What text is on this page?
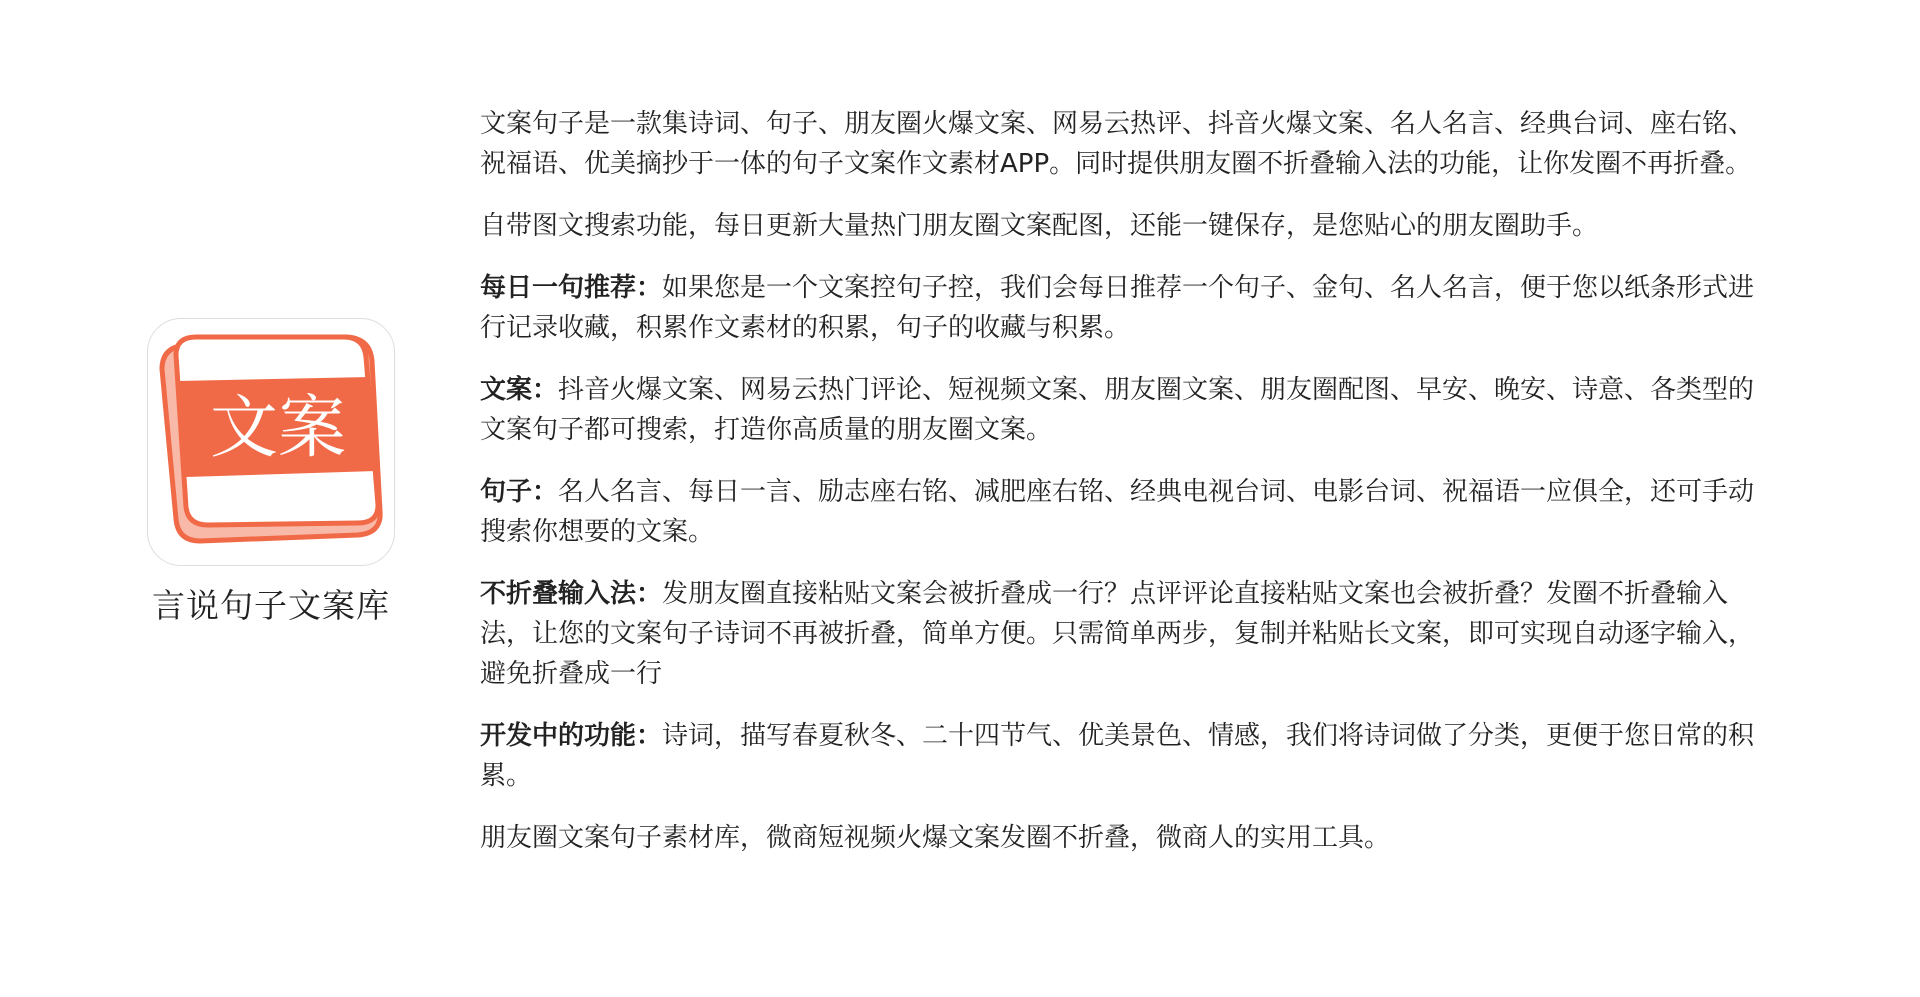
文案
言说句子文案库

文案句子是一款集诗词、句子、朋友圈火爆文案、网易云热评、抖音火爆文案、名人名言、经典台词、座右铭、祝福语、优美摘抄于一体的句子文案作文素材APP。同时提供朋友圈不折叠输入法的功能，让你发圈不再折叠。

自带图文搜索功能，每日更新大量热门朋友圈文案配图，还能一键保存，是您贴心的朋友圈助手。

每日一句推荐：如果您是一个文案控句子控，我们会每日推荐一个句子、金句、名人名言，便于您以纸条形式进行记录收藏，积累作文素材的积累，句子的收藏与积累。

文案：抖音火爆文案、网易云热门评论、短视频文案、朋友圈文案、朋友圈配图、早安、晚安、诗意、各类型的文案句子都可搜索，打造你高质量的朋友圈文案。

句子：名人名言、每日一言、励志座右铭、减肥座右铭、经典电视台词、电影台词、祝福语一应俱全，还可手动搜索你想要的文案。

不折叠输入法：发朋友圈直接粘贴文案会被折叠成一行？点评评论直接粘贴文案也会被折叠？发圈不折叠输入法，让您的文案句子诗词不再被折叠，简单方便。只需简单两步，复制并粘贴长文案，即可实现自动逐字输入，避免折叠成一行

开发中的功能：诗词，描写春夏秋冬、二十四节气、优美景色、情感，我们将诗词做了分类，更便于您日常的积累。

朋友圈文案句子素材库，微商短视频火爆文案发圈不折叠，微商人的实用工具。
